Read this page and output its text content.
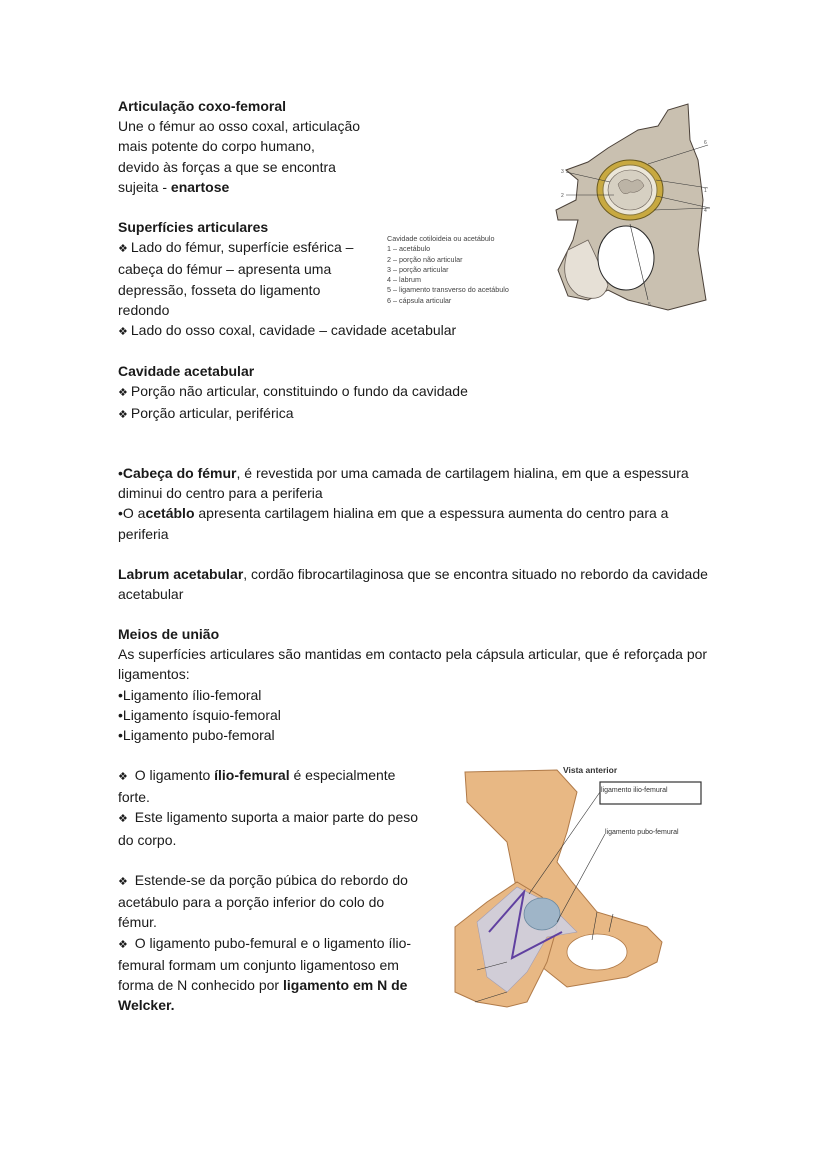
Articulação coxo-femoral

Une o fémur ao osso coxal, articulação

mais potente do corpo humano,

devido às forças a que se encontra

sujeita - enartose

Superfícies articulares

❖ Lado do fémur, superfície esférica –

cabeça do fémur – apresenta uma

depressão, fosseta do ligamento

redondo

❖ Lado do osso coxal, cavidade – cavidade acetabular

3
2
6
1
4
5
Cavidade cotiloideia ou acetábulo
1 – acetábulo
2 – porção não articular
3 – porção articular
4 – labrum
5 – ligamento transverso do acetábulo
6 – cápsula articular

Cavidade acetabular

❖ Porção não articular, constituindo o fundo da cavidade

❖ Porção articular, periférica

•Cabeça do fémur, é revestida por uma camada de cartilagem hialina, em que a espessura

diminui do centro para a periferia

•O acetáblo apresenta cartilagem hialina em que a espessura aumenta do centro para a

periferia

Labrum acetabular, cordão fibrocartilaginosa que se encontra situado no rebordo da cavidade

acetabular

Meios de união

As superfícies articulares são mantidas em contacto pela cápsula articular, que é reforçada por

ligamentos:

•Ligamento ílio-femoral

•Ligamento ísquio-femoral

•Ligamento pubo-femoral

❖ O ligamento ílio-femural é especialmente

forte.

❖ Este ligamento suporta a maior parte do peso

do corpo.

❖ Estende-se da porção púbica do rebordo do

acetábulo para a porção inferior do colo do

fémur.

❖ O ligamento pubo-femural e o ligamento ílio-

femural formam um conjunto ligamentoso em

forma de N conhecido por ligamento em N de

Welcker.

Vista anterior
ligamento ilio-femural
ligamento pubo-femural
